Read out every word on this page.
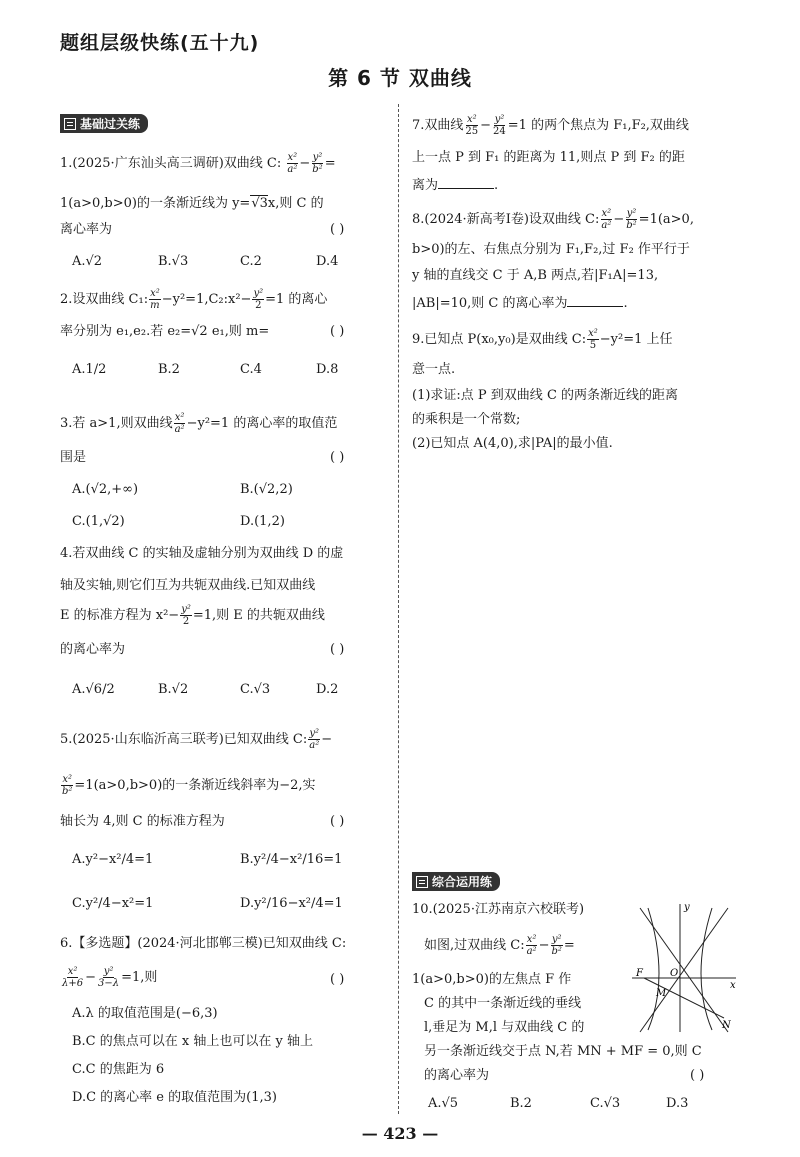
题组层级快练(五十九)
第 6 节 双曲线
基础过关练
1.(2025·广东汕头高三调研)双曲线 C: $\frac{\text{x²}}{\text{a²}} - \frac{\text{y²}}{\text{b²}}$ =
1(a>0,b>0)的一条渐近线为 y=√ 3x,则 C 的
离心率为	( )
A.√2	B.√3	C.2	D.4
2.设双曲线 C₁: $\frac{\text{x²}}{m}$ −y²=1,C₂:x²− $\frac{\text{y²}}{2} =1$ 的离心
率分别为 e₁,e₂.若 e₂=√2 e₁,则 m=	( )
A.1/2	B.2	C.4	D.8
3.若 a>1,则双曲线 $\frac{\text{x²}}{\text{a²}} -y^2=1$ 的离心率的取值范
围是	( )
A.(√2,+∞)	B.(√2,2)
C.(1,√2)	D.(1,2)
4.若双曲线 C 的实轴及虚轴分别为双曲线 D 的虚
轴及实轴,则它们互为共轭双曲线.已知双曲线
E 的标准方程为 $x^2- \frac{\text{y²}}{2} =1$,则 E 的共轭双曲线
的离心率为	( )
A.√6/2	B.√2	C.√3	D.2
5.(2025·山东临沂高三联考)已知双曲线 C: $\frac{\text{y²}}{\text{a²}}$ −
$\frac{\text{x²}}{\text{b²}} =1(a>0,b>0)$的一条渐近线斜率为−2,实
轴长为 4,则 C 的标准方程为	( )
A.y²−x²/4=1	B.y²/4−x²/16=1
C.y²/4−x²=1	D.y²/16−x²/4=1
6.【多选题】(2024·河北邯郸三模)已知双曲线 C:
$\frac{\text{x²}}{\lambda+6} - \frac{\text{y²}}{3-\lambda} =1$,则	( )
A.λ 的取值范围是(−6,3)
B.C 的焦点可以在 x 轴上也可以在 y 轴上
C.C 的焦距为 6
D.C 的离心率 e 的取值范围为(1,3)
7.双曲线 $\frac{\text{x²}}{25} - \frac{\text{y²}}{24} =1$ 的两个焦点为 F₁,F₂,双曲线
上一点 P 到 F₁ 的距离为 11,则点 P 到 F₂ 的距
离为	.
8.(2024·新高考Ⅰ卷)设双曲线 C: $\frac{\text{x²}}{\text{a²}} - \frac{\text{y²}}{\text{b²}} =1(a>0$,
b>0)的左、右焦点分别为 F₁,F₂,过 F₂ 作平行于
y 轴的直线交 C 于 A,B 两点,若|F₁A|=13,
|AB|=10,则 C 的离心率为	.
9.已知点 P(x₀,y₀)是双曲线 C: $\frac{\text{x²}}{5} -y^2=1$ 上任
意一点.
(1)求证:点 P 到双曲线 C 的两条渐近线的距离
的乘积是一个常数;
(2)已知点 A(4,0),求|PA|的最小值.
综合运用练
10.(2025·江苏南京六校联考)
如图,过双曲线 C: $\frac{\text{x²}}{\text{a²}} - \frac{\text{y²}}{\text{b²}}$ =
1(a>0,b>0)的左焦点 F 作
C 的其中一条渐近线的垂线
l,垂足为 M,l 与双曲线 C 的
另一条渐近线交于点 N,若 MN + MF = 0,则 C
的离心率为	( )
A.√5	B.2	C.√3	D.3
y
x
F	O
M
N
— 423 —
